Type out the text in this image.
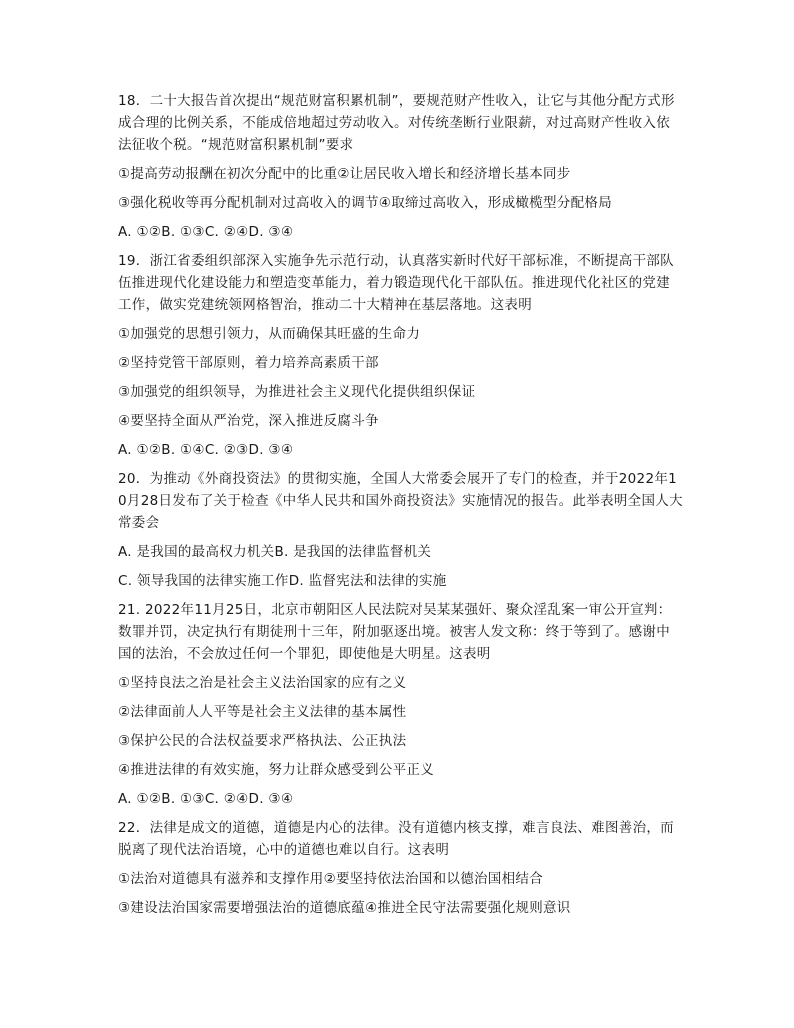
18．二十大报告首次提出“规范财富积累机制”，要规范财产性收入，让它与其他分配方式形成合理的比例关系，不能成倍地超过劳动收入。对传统垄断行业限薪，对过高财产性收入依法征收个税。“规范财富积累机制”要求

①提高劳动报酬在初次分配中的比重②让居民收入增长和经济增长基本同步

③强化税收等再分配机制对过高收入的调节④取缔过高收入，形成橄榄型分配格局

A. ①②B. ①③C. ②④D. ③④

19．浙江省委组织部深入实施争先示范行动，认真落实新时代好干部标准，不断提高干部队伍推进现代化建设能力和塑造变革能力，着力锻造现代化干部队伍。推进现代化社区的党建工作，做实党建统领网格智治，推动二十大精神在基层落地。这表明

①加强党的思想引领力，从而确保其旺盛的生命力

②坚持党管干部原则，着力培养高素质干部

③加强党的组织领导，为推进社会主义现代化提供组织保证

④要坚持全面从严治党，深入推进反腐斗争

A. ①②B. ①④C. ②③D. ③④

20．为推动《外商投资法》的贯彻实施，全国人大常委会展开了专门的检查，并于2022年10月28日发布了关于检查《中华人民共和国外商投资法》实施情况的报告。此举表明全国人大常委会

A. 是我国的最高权力机关B. 是我国的法律监督机关

C. 领导我国的法律实施工作D. 监督宪法和法律的实施

21. 2022年11月25日，北京市朝阳区人民法院对吴某某强奸、聚众淫乱案一审公开宣判：数罪并罚，决定执行有期徒刑十三年，附加驱逐出境。被害人发文称：终于等到了。感谢中国的法治，不会放过任何一个罪犯，即使他是大明星。这表明

①坚持良法之治是社会主义法治国家的应有之义

②法律面前人人平等是社会主义法律的基本属性

③保护公民的合法权益要求严格执法、公正执法

④推进法律的有效实施，努力让群众感受到公平正义

A. ①②B. ①③C. ②④D. ③④

22．法律是成文的道德，道德是内心的法律。没有道德内核支撑，难言良法、难图善治，而脱离了现代法治语境，心中的道德也难以自行。这表明

①法治对道德具有滋养和支撑作用②要坚持依法治国和以德治国相结合

③建设法治国家需要增强法治的道德底蕴④推进全民守法需要强化规则意识
